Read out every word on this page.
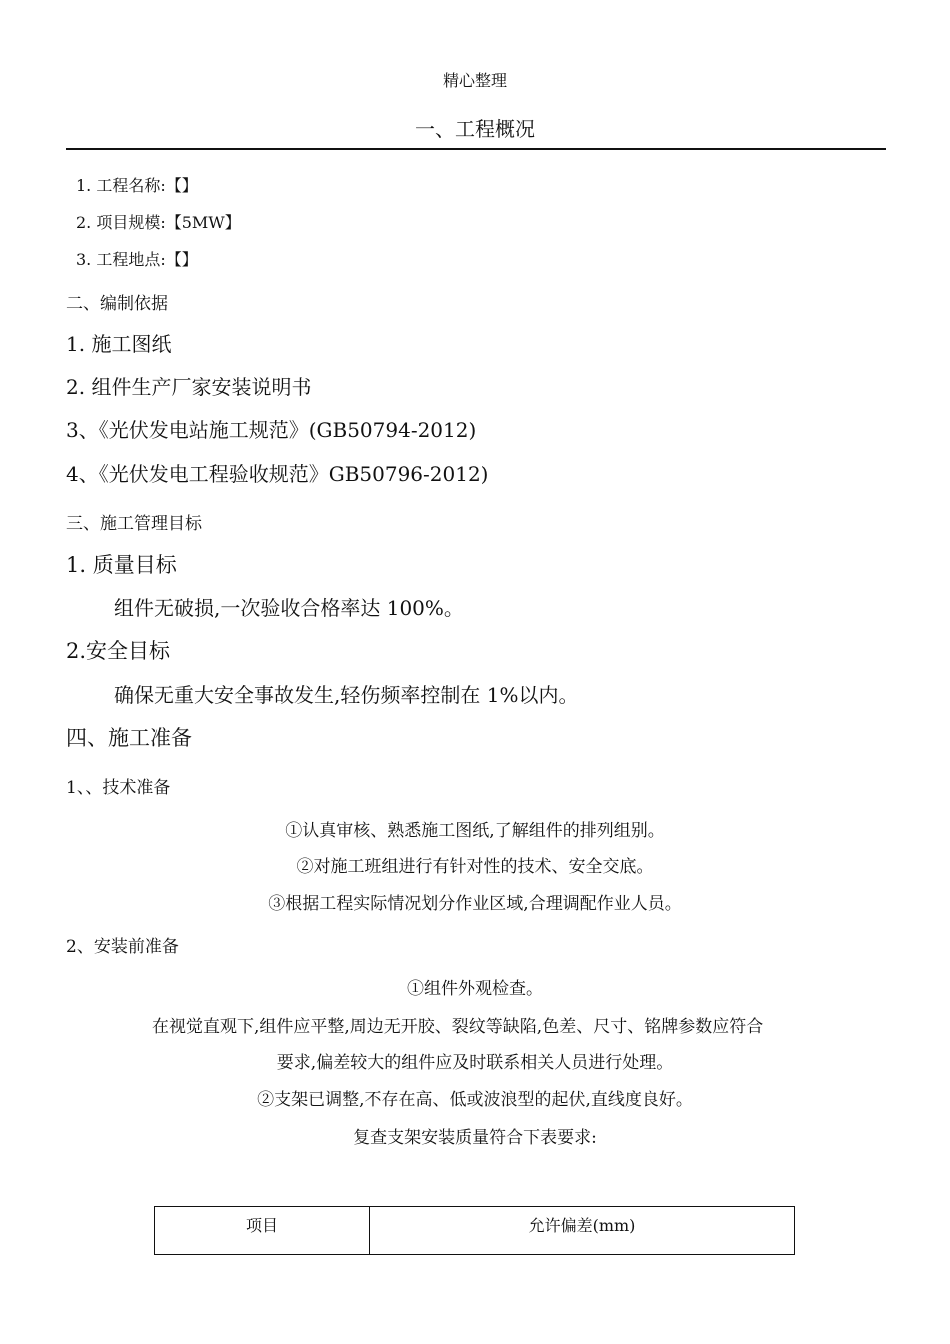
精心整理
一、工程概况
1. 工程名称:【】
2. 项目规模:【5MW】
3. 工程地点:【】
二、编制依据
1. 施工图纸
2. 组件生产厂家安装说明书
3、《光伏发电站施工规范》(GB50794-2012)
4、《光伏发电工程验收规范》GB50796-2012)
三、施工管理目标
1. 质量目标
组件无破损,一次验收合格率达 100%。
2.安全目标
确保无重大安全事故发生,轻伤频率控制在 1%以内。
四、施工准备
1、、技术准备
①认真审核、熟悉施工图纸,了解组件的排列组别。
②对施工班组进行有针对性的技术、安全交底。
③根据工程实际情况划分作业区域,合理调配作业人员。
2、安装前准备
①组件外观检查。
在视觉直观下,组件应平整,周边无开胶、裂纹等缺陷,色差、尺寸、铭牌参数应符合
要求,偏差较大的组件应及时联系相关人员进行处理。
②支架已调整,不存在高、低或波浪型的起伏,直线度良好。
复查支架安装质量符合下表要求:
项目	允许偏差(mm)
